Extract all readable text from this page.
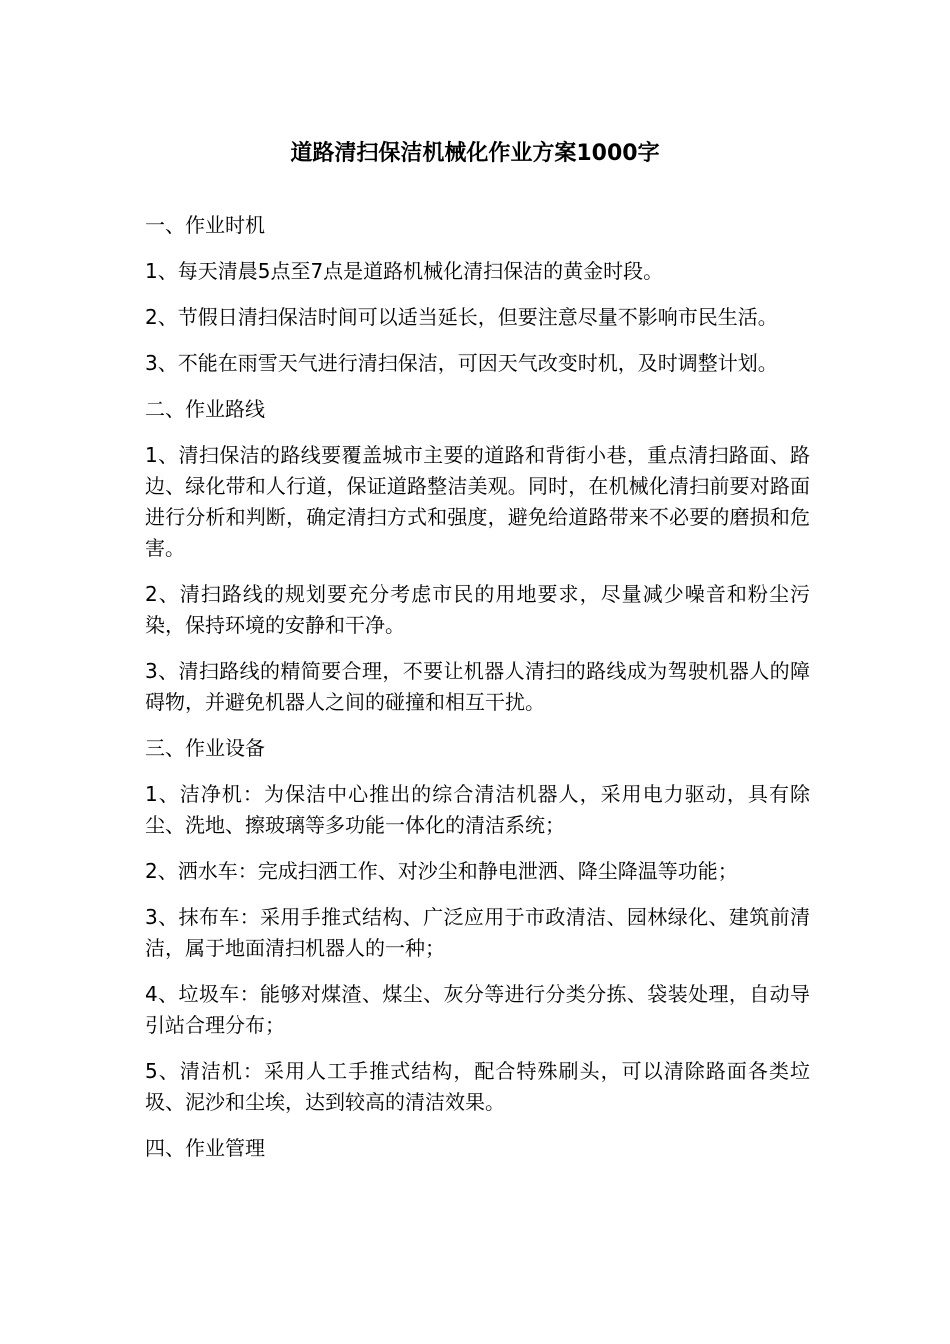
道路清扫保洁机械化作业方案1000字

一、作业时机

1、每天清晨5点至7点是道路机械化清扫保洁的黄金时段。

2、节假日清扫保洁时间可以适当延长，但要注意尽量不影响市民生活。

3、不能在雨雪天气进行清扫保洁，可因天气改变时机，及时调整计划。

二、作业路线

1、清扫保洁的路线要覆盖城市主要的道路和背街小巷，重点清扫路面、路边、绿化带和人行道，保证道路整洁美观。同时，在机械化清扫前要对路面进行分析和判断，确定清扫方式和强度，避免给道路带来不必要的磨损和危害。

2、清扫路线的规划要充分考虑市民的用地要求，尽量减少噪音和粉尘污染，保持环境的安静和干净。

3、清扫路线的精简要合理，不要让机器人清扫的路线成为驾驶机器人的障碍物，并避免机器人之间的碰撞和相互干扰。

三、作业设备

1、洁净机：为保洁中心推出的综合清洁机器人，采用电力驱动，具有除尘、洗地、擦玻璃等多功能一体化的清洁系统；

2、洒水车：完成扫洒工作、对沙尘和静电泄洒、降尘降温等功能；

3、抹布车：采用手推式结构、广泛应用于市政清洁、园林绿化、建筑前清洁，属于地面清扫机器人的一种；

4、垃圾车：能够对煤渣、煤尘、灰分等进行分类分拣、袋装处理，自动导引站合理分布；

5、清洁机：采用人工手推式结构，配合特殊刷头，可以清除路面各类垃圾、泥沙和尘埃，达到较高的清洁效果。

四、作业管理
